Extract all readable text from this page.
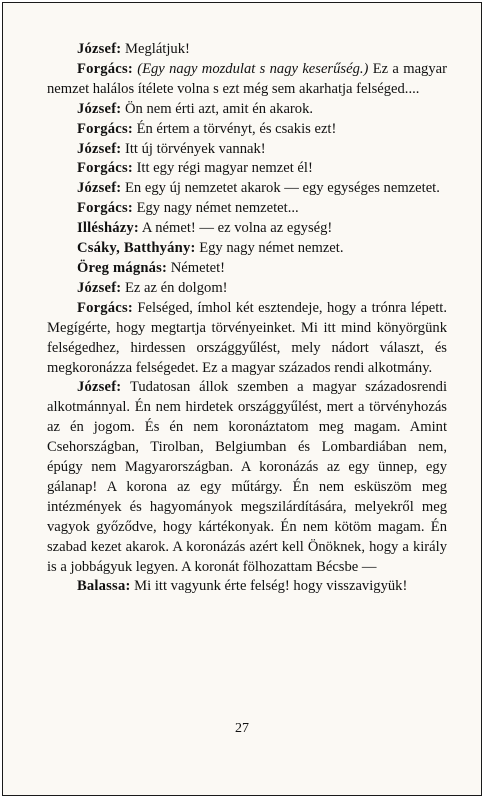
József: Meglátjuk!

Forgács: (Egy nagy mozdulat s nagy keserűség.) Ez a magyar nemzet halálos ítélete volna s ezt még sem akarhatja felséged....

József: Ön nem érti azt, amit én akarok.

Forgács: Én értem a törvényt, és csakis ezt!

József: Itt új törvények vannak!

Forgács: Itt egy régi magyar nemzet él!

József: En egy új nemzetet akarok — egy egységes nemzetet.

Forgács: Egy nagy német nemzetet...

Illésházy: A német! — ez volna az egység!

Csáky, Batthyány: Egy nagy német nemzet.

Öreg mágnás: Németet!

József: Ez az én dolgom!

Forgács: Felséged, ímhol két esztendeje, hogy a trónra lépett. Megígérte, hogy megtartja törvényeinket. Mi itt mind könyörgünk felségedhez, hirdessen országgyűlést, mely nádort választ, és megkoronázza felségedet. Ez a magyar százados rendi alkotmány.

József: Tudatosan állok szemben a magyar századosrendi alkotmánnyal. Én nem hirdetek országgyűlést, mert a törvényhozás az én jogom. És én nem koronáztatom meg magam. Amint Csehországban, Tirolban, Belgiumban és Lombardiában nem, épúgy nem Magyarországban. A koronázás az egy ünnep, egy gálanap! A korona az egy műtárgy. Én nem esküszöm meg intézmények és hagyományok megszilárdítására, melyekről meg vagyok győződve, hogy kártékonyak. Én nem kötöm magam. Én szabad kezet akarok. A koronázás azért kell Önöknek, hogy a király is a jobbágyuk legyen. A koronát fölhozattam Bécsbe —

Balassa: Mi itt vagyunk érte felség! hogy visszavigyük!

27
